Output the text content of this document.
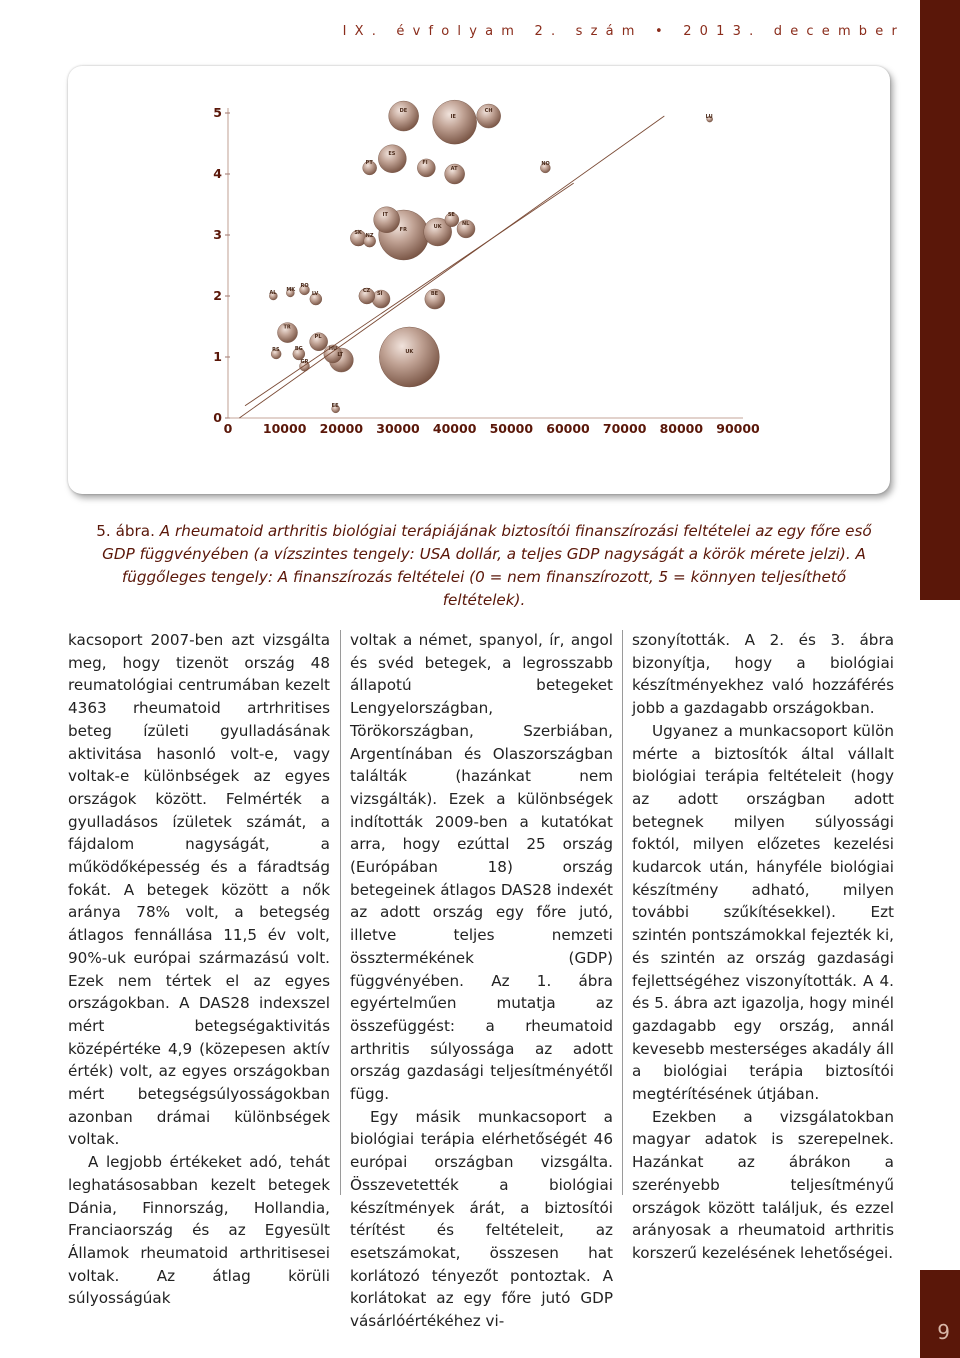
IX. évfolyam 2. szám • 2013. december
9
0
1
2
3
4
5
0 10000 20000 30000 40000 50000 60000 70000 80000 90000
DE
IE
CH
LU
PT
ES
FI
AT
NO
IT	SE
NL
UK
SK
NZ
FR
AL
MK
RO
LV
CZ
SI	BE
TR
PL
RS	BG	HU
LT
GR
UK
EE
5. ábra. A rheumatoid arthritis biológiai terápiájának biztosítói finanszírozási feltételei az egy főre eső GDP függvényében (a vízszintes tengely: USA dollár, a teljes GDP nagyságát a körök mérete jelzi). A függőleges tengely: A finanszírozás feltételei (0 = nem finanszírozott, 5 = könnyen teljesíthető feltételek).

kacsoport 2007-ben azt vizsgálta meg, hogy tizenöt ország 48 reumatológiai centrumában kezelt 4363 rheumatoid artrhritises beteg ízületi gyulladásának aktivitása hasonló volt-e, vagy voltak-e különbségek az egyes országok között. Felmérték a gyulladásos ízületek számát, a fájdalom nagyságát, a működőképesség és a fáradtság fokát. A betegek között a nők aránya 78% volt, a betegség átlagos fennállása 11,5 év volt, 90%-uk európai származású volt. Ezek nem tértek el az egyes országokban. A DAS28 indexszel mért betegségaktivitás középértéke 4,9 (közepesen aktív érték) volt, az egyes országokban mért betegségsúlyosságokban azonban drámai különbségek voltak.

A legjobb értékeket adó, tehát leghatásosabban kezelt betegek Dánia, Finnország, Hollandia, Franciaország és az Egyesült Államok rheumatoid arthritisesei voltak. Az átlag körüli súlyosságúak

voltak a német, spanyol, ír, angol és svéd betegek, a legrosszabb állapotú betegeket Lengyelországban, Törökországban, Szerbiában, Argentínában és Olaszországban találták (hazánkat nem vizsgálták). Ezek a különbségek indították 2009-ben a kutatókat arra, hogy ezúttal 25 ország (Európában 18) ország betegeinek átlagos DAS28 indexét az adott ország egy főre jutó, illetve teljes nemzeti össztermékének (GDP) függvényében. Az 1. ábra egyértelműen mutatja az összefüggést: a rheumatoid arthritis súlyossága az adott ország gazdasági teljesítményétől függ.

Egy másik munkacsoport a biológiai terápia elérhetőségét 46 európai országban vizsgálta. Összevetették a biológiai készítmények árát, a biztosítói térítést és feltételeit, az esetszámokat, összesen hat korlátozó tényezőt pontoztak. A korlátokat az egy főre jutó GDP vásárlóértékéhez vi-

szonyították. A 2. és 3. ábra bizonyítja, hogy a biológiai készítményekhez való hozzáférés jobb a gazdagabb országokban.

Ugyanez a munkacsoport külön mérte a biztosítók által vállalt biológiai terápia feltételeit (hogy az adott országban adott betegnek milyen súlyossági foktól, milyen előzetes kezelési kudarcok után, hányféle biológiai készítmény adható, milyen további szűkítésekkel). Ezt szintén pontszámokkal fejezték ki, és szintén az ország gazdasági fejlettségéhez viszonyították. A 4. és 5. ábra azt igazolja, hogy minél gazdagabb egy ország, annál kevesebb mesterséges akadály áll a biológiai terápia biztosítói megtérítésének útjában.

Ezekben a vizsgálatokban magyar adatok is szerepelnek. Hazánkat az ábrákon a szerényebb teljesítményű országok között találjuk, és ezzel arányosak a rheumatoid arthritis korszerű kezelésének lehetőségei.
